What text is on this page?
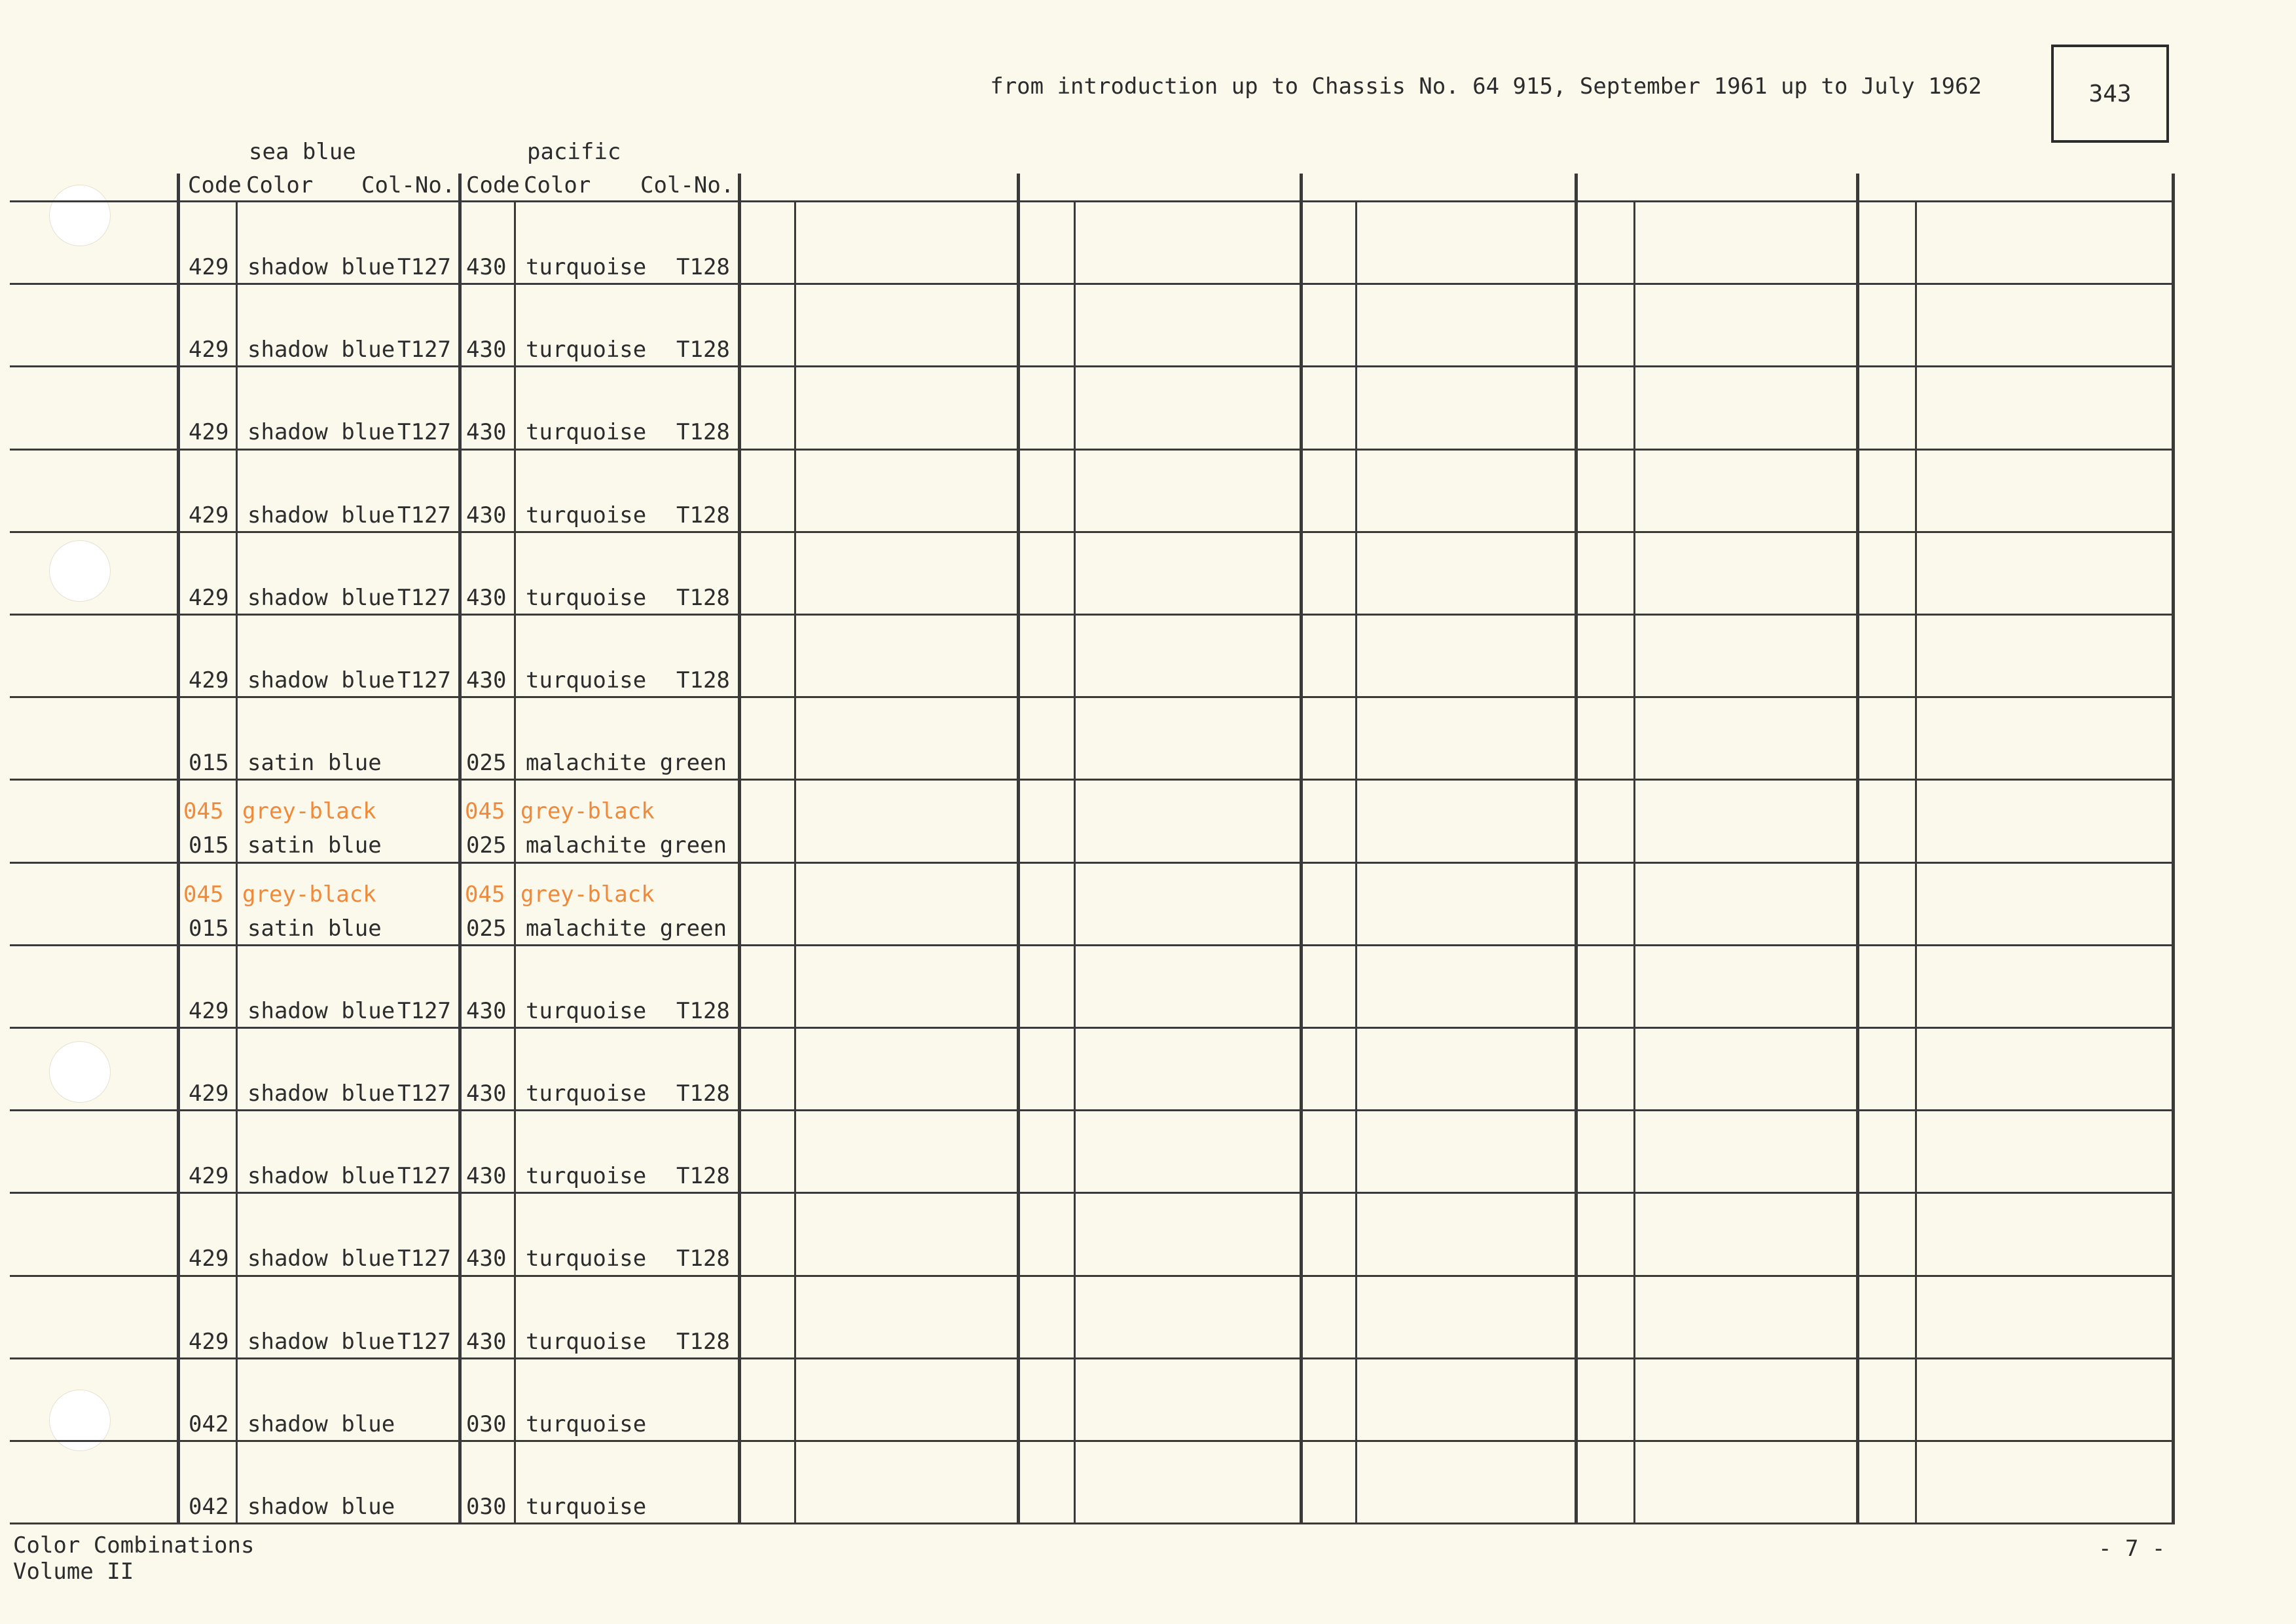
from introduction up to Chassis No. 64 915, September 1961 up to July 1962	343
sea blue	pacific
Code Color Col-No. Code Color Col-No.
429 shadow blue T127 430 turquoise T128
429 shadow blue T127 430 turquoise T128
429 shadow blue T127 430 turquoise T128
429 shadow blue T127 430 turquoise T128
429 shadow blue T127 430 turquoise T128
429 shadow blue T127 430 turquoise T128
015 satin blue	025 malachite green
045 grey-black	045 grey-black
015 satin blue	025 malachite green
045 grey-black	045 grey-black
015 satin blue	025 malachite green
429 shadow blue T127 430 turquoise T128
429 shadow blue T127 430 turquoise T128
429 shadow blue T127 430 turquoise T128
429 shadow blue T127 430 turquoise T128
429 shadow blue T127 430 turquoise T128
042 shadow blue	030 turquoise
042 shadow blue	030 turquoise
Color Combinations
Volume II
- 7 -
